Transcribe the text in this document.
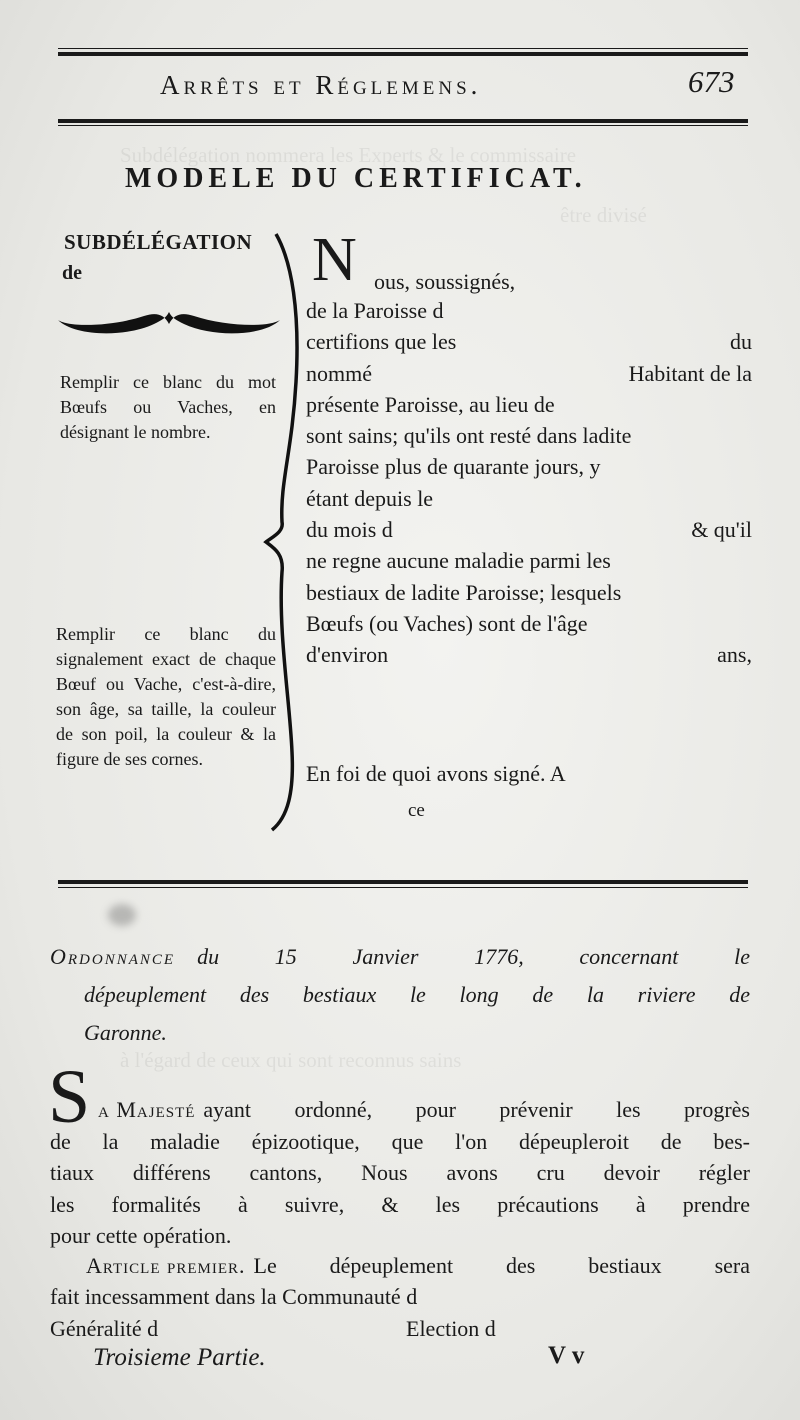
Subdélégation nommera les Experts & le commissaire
être divisé
à l'égard de ceux qui sont reconnus sains
Arrêts et Réglemens.	673
MODELE DU CERTIFICAT.
SUBDÉLÉGATION
de
Remplir ce blanc du mot Bœufs ou Vaches, en désignant le nombre.
Remplir ce blanc du signalement exact de chaque Bœuf ou Vache, c'est-à-dire, son âge, sa taille, la couleur de son poil, la couleur & la figure de ses cornes.
N ous, soussignés,
de la Paroisse d
certifions que les	du
nommé	Habitant de la
présente Paroisse, au lieu de
sont sains; qu'ils ont resté dans ladite
Paroisse plus de quarante jours, y
étant depuis le
du mois d	& qu'il
ne regne aucune maladie parmi les
bestiaux de ladite Paroisse; lesquels
Bœufs (ou Vaches) sont de l'âge
d'environ	ans,
En foi de quoi avons signé. A
ce
Ordonnance du	15	Janvier	1776,	concernant	le
dépeuplement des bestiaux le long de la riviere de
Garonne.
S a Majesté ayant ordonné, pour prévenir les progrès
de la maladie épizootique, que l'on dépeupleroit de bes-
tiaux différens cantons, Nous avons cru devoir régler
les formalités à suivre, & les précautions à prendre
pour cette opération.
Article premier. Le dépeuplement des bestiaux sera
fait incessamment dans la Communauté d
Généralité d	Election d
Troisieme Partie.	V v
